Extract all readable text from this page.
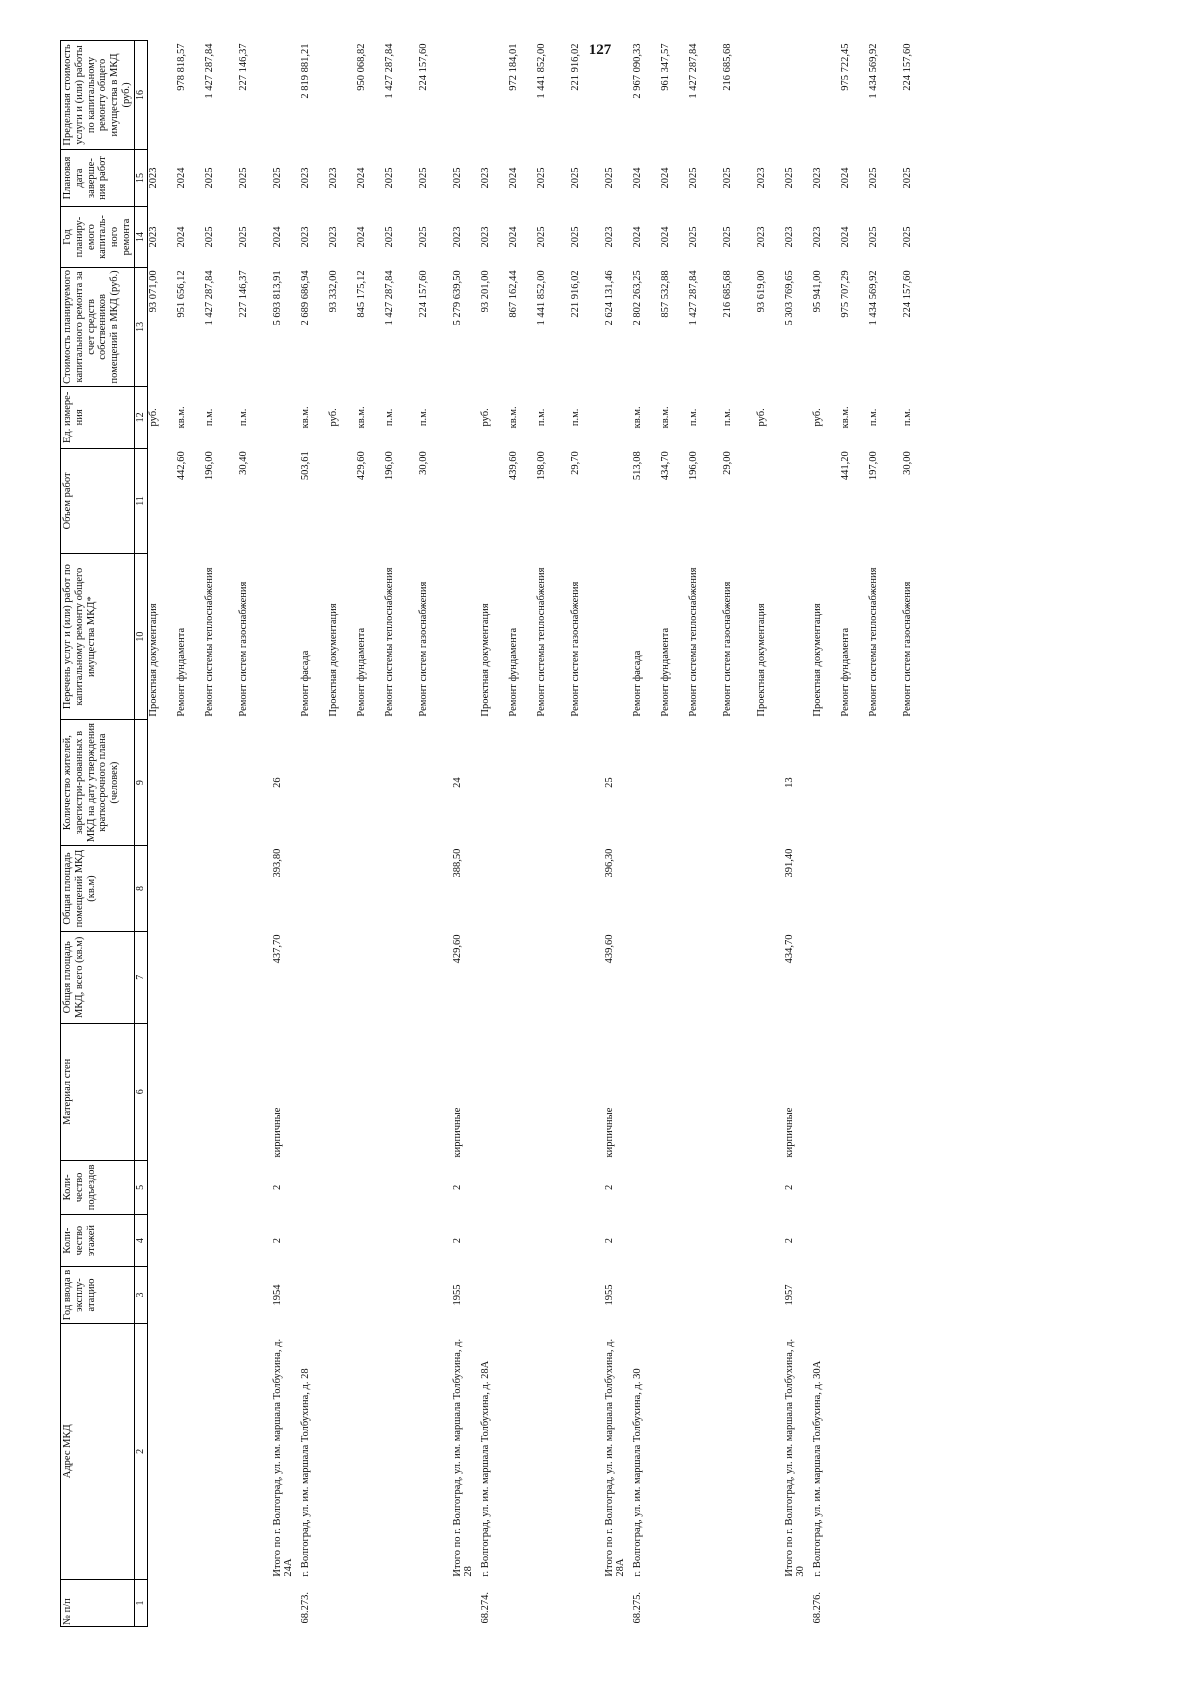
127
№ п/п	Адрес МКД	Год ввода в эксплу-атацию	Коли-чество этажей	Коли-чество подъездов	Материал стен	Общая площадь МКД, всего (кв.м)	Общая площадь помещений МКД (кв.м)	Количество жителей, зарегистри-рованных в МКД на дату утверждения краткосрочного плана (человек)	Перечень услуг и (или) работ по капитальному ремонту общего имущества МКД*	Объем работ	Ед. измере-ния	Стоимость планируемого капитального ремонта за счет средств собственников помещений в МКД (руб.)	Год планиру-емого капиталь-ного ремонта	Плановая дата заверше-ния работ	Предельная стоимость услуги и (или) работы по капитальному ремонту общего имущества в МКД (руб.)
1	2	3	4	5	6	7	8	9	10	11	12	13	14	15	16
									Проектная документация		руб.	93 071,00	2023	2023	
									Ремонт фундамента	442,60	кв.м.	951 656,12	2024	2024	978 818,57
									Ремонт системы теплоснабжения	196,00	п.м.	1 427 287,84	2025	2025	1 427 287,84
									Ремонт систем газоснабжения	30,40	п.м.	227 146,37	2025	2025	227 146,37
	Итого по г. Волгоград, ул. им. маршала Толбухина, д. 24А	1954	2	2	кирпичные	437,70	393,80	26				5 693 813,91	2024	2025	
68.273.	г. Волгоград, ул. им. маршала Толбухина, д. 28								Ремонт фасада	503,61	кв.м.	2 689 686,94	2023	2023	2 819 881,21
									Проектная документация		руб.	93 332,00	2023	2023	
									Ремонт фундамента	429,60	кв.м.	845 175,12	2024	2024	950 068,82
									Ремонт системы теплоснабжения	196,00	п.м.	1 427 287,84	2025	2025	1 427 287,84
									Ремонт систем газоснабжения	30,00	п.м.	224 157,60	2025	2025	224 157,60
	Итого по г. Волгоград, ул. им. маршала Толбухина, д. 28	1955	2	2	кирпичные	429,60	388,50	24				5 279 639,50	2023	2025	
68.274.	г. Волгоград, ул. им. маршала Толбухина, д. 28А								Проектная документация		руб.	93 201,00	2023	2023	
									Ремонт фундамента	439,60	кв.м.	867 162,44	2024	2024	972 184,01
									Ремонт системы теплоснабжения	198,00	п.м.	1 441 852,00	2025	2025	1 441 852,00
									Ремонт систем газоснабжения	29,70	п.м.	221 916,02	2025	2025	221 916,02
	Итого по г. Волгоград, ул. им. маршала Толбухина, д. 28А	1955	2	2	кирпичные	439,60	396,30	25				2 624 131,46	2023	2025	
68.275.	г. Волгоград, ул. им. маршала Толбухина, д. 30								Ремонт фасада	513,08	кв.м.	2 802 263,25	2024	2024	2 967 090,33
									Ремонт фундамента	434,70	кв.м.	857 532,88	2024	2024	961 347,57
									Ремонт системы теплоснабжения	196,00	п.м.	1 427 287,84	2025	2025	1 427 287,84
									Ремонт систем газоснабжения	29,00	п.м.	216 685,68	2025	2025	216 685,68
									Проектная документация		руб.	93 619,00	2023	2023	
	Итого по г. Волгоград, ул. им. маршала Толбухина, д. 30	1957	2	2	кирпичные	434,70	391,40	13				5 303 769,65	2023	2025	
68.276.	г. Волгоград, ул. им. маршала Толбухина, д. 30А								Проектная документация		руб.	95 941,00	2023	2023	
									Ремонт фундамента	441,20	кв.м.	975 707,29	2024	2024	975 722,45
									Ремонт системы теплоснабжения	197,00	п.м.	1 434 569,92	2025	2025	1 434 569,92
									Ремонт систем газоснабжения	30,00	п.м.	224 157,60	2025	2025	224 157,60
